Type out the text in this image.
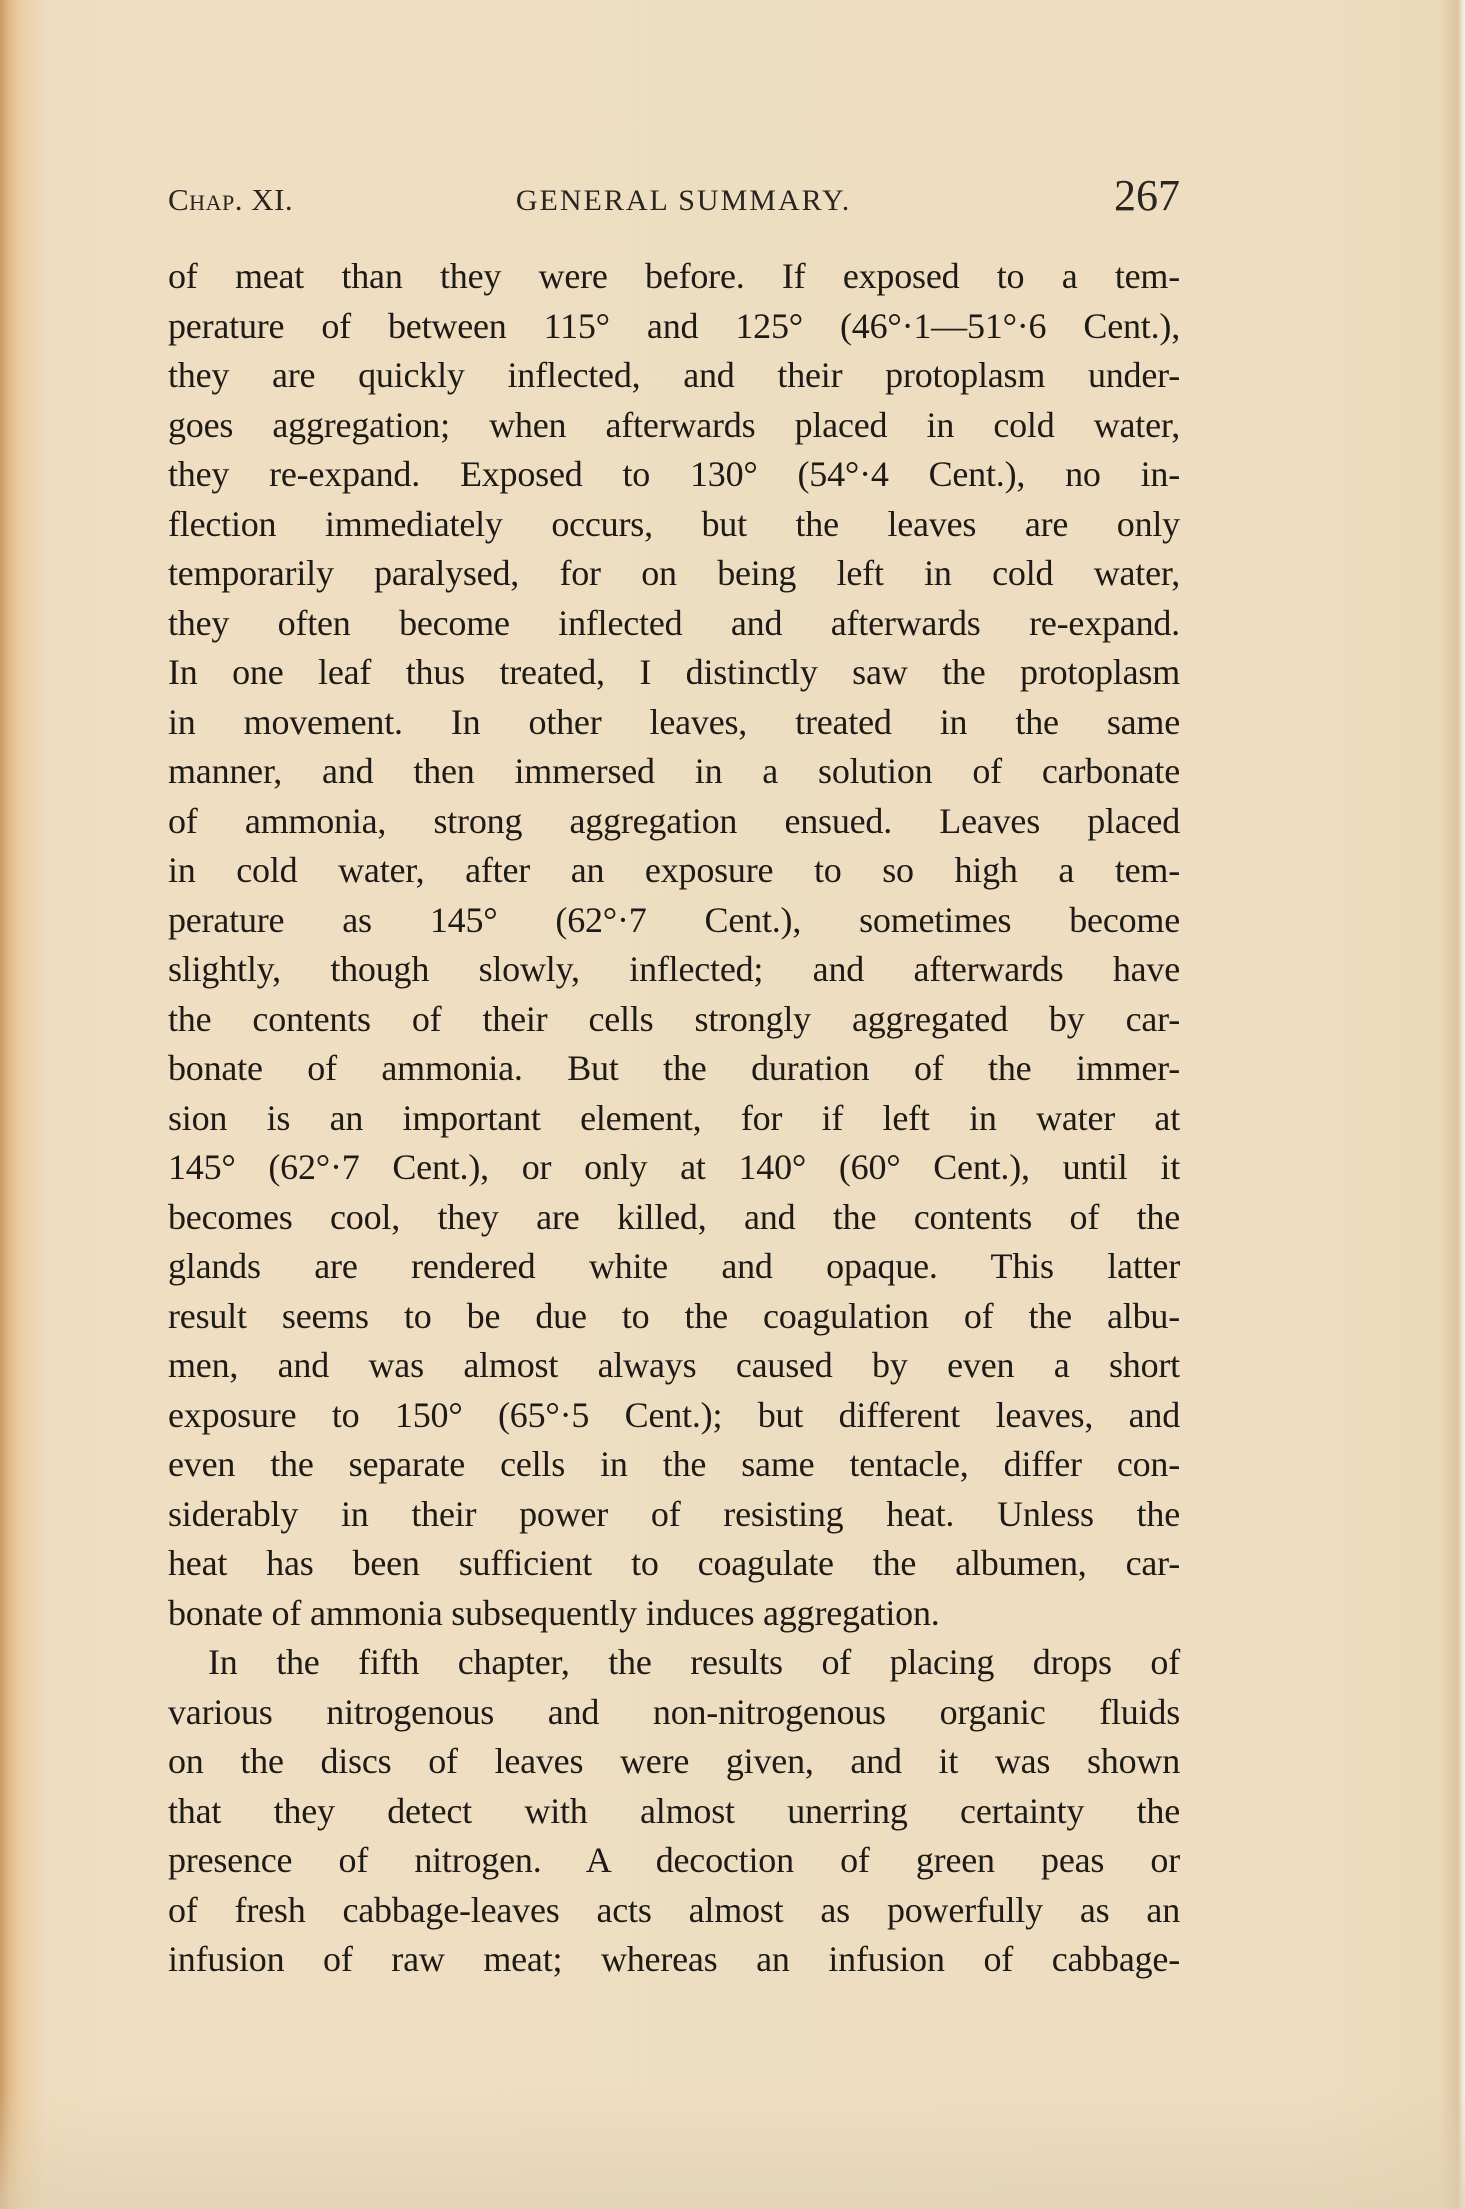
Chap. XI.	GENERAL SUMMARY.	267
of meat than they were before. If exposed to a tem-
perature of between 115° and 125° (46°·1—51°·6 Cent.),
they are quickly inflected, and their protoplasm under-
goes aggregation; when afterwards placed in cold water,
they re-expand. Exposed to 130° (54°·4 Cent.), no in-
flection immediately occurs, but the leaves are only
temporarily paralysed, for on being left in cold water,
they often become inflected and afterwards re-expand.
In one leaf thus treated, I distinctly saw the protoplasm
in movement. In other leaves, treated in the same
manner, and then immersed in a solution of carbonate
of ammonia, strong aggregation ensued. Leaves placed
in cold water, after an exposure to so high a tem-
perature as 145° (62°·7 Cent.), sometimes become
slightly, though slowly, inflected; and afterwards have
the contents of their cells strongly aggregated by car-
bonate of ammonia. But the duration of the immer-
sion is an important element, for if left in water at
145° (62°·7 Cent.), or only at 140° (60° Cent.), until it
becomes cool, they are killed, and the contents of the
glands are rendered white and opaque. This latter
result seems to be due to the coagulation of the albu-
men, and was almost always caused by even a short
exposure to 150° (65°·5 Cent.); but different leaves, and
even the separate cells in the same tentacle, differ con-
siderably in their power of resisting heat. Unless the
heat has been sufficient to coagulate the albumen, car-
bonate of ammonia subsequently induces aggregation.
In the fifth chapter, the results of placing drops of
various nitrogenous and non-nitrogenous organic fluids
on the discs of leaves were given, and it was shown
that they detect with almost unerring certainty the
presence of nitrogen. A decoction of green peas or
of fresh cabbage-leaves acts almost as powerfully as an
infusion of raw meat; whereas an infusion of cabbage-
